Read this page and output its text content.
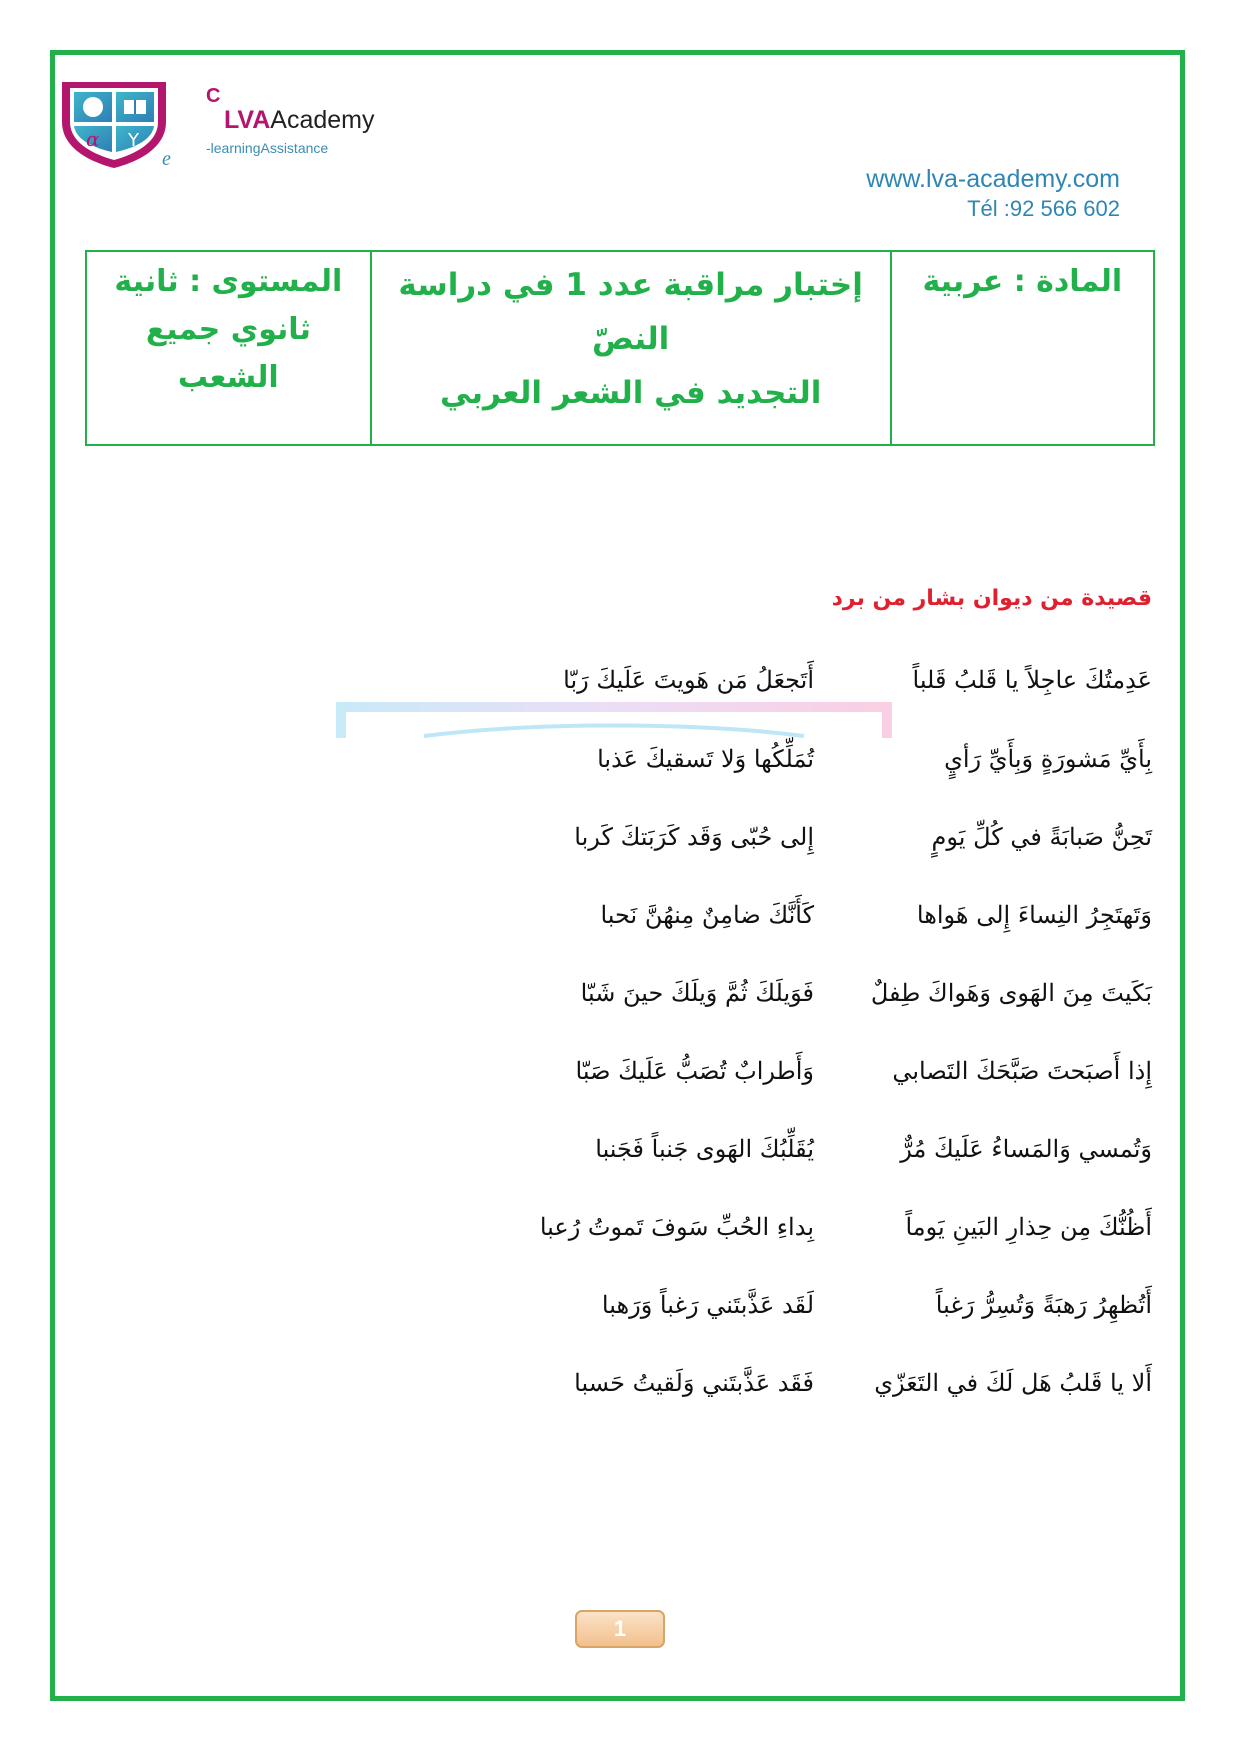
α Y
C
LVAAcademy
-learningAssistance
e
www.lva-academy.com
Tél :92 566 602
المادة : عربية	
إختبار مراقبة عدد 1 في دراسة النصّ
التجديد في الشعر العربي
	المستوى : ثانية ثانوي جميع الشعب
قصيدة من ديوان بشار من برد
عَدِمتُكَ عاجِلاً يا قَلبُ قَلباً
أَتَجعَلُ مَن هَويتَ عَلَيكَ رَبّا
بِأَيِّ مَشورَةٍ وَبِأَيِّ رَأيٍ
تُمَلِّكُها وَلا تَسقيكَ عَذبا
تَحِنُّ صَبابَةً في كُلِّ يَومٍ
إِلى حُبّى وَقَد كَرَبَتكَ كَربا
وَتَهتَجِرُ النِساءَ إِلى هَواها
كَأَنَّكَ ضامِنٌ مِنهُنَّ نَحبا
بَكَيتَ مِنَ الهَوى وَهَواكَ طِفلٌ
فَوَيلَكَ ثُمَّ وَيلَكَ حينَ شَبّا
إِذا أَصبَحتَ صَبَّحَكَ التَصابي
وَأَطرابٌ تُصَبُّ عَلَيكَ صَبّا
وَتُمسي وَالمَساءُ عَلَيكَ مُرٌّ
يُقَلِّبُكَ الهَوى جَنباً فَجَنبا
أَظُنُّكَ مِن حِذارِ البَينِ يَوماً
بِداءِ الحُبِّ سَوفَ تَموتُ رُعبا
أَتُظهِرُ رَهبَةً وَتُسِرُّ رَغباً
لَقَد عَذَّبتَني رَغباً وَرَهبا
أَلا يا قَلبُ هَل لَكَ في التَعَزّي
فَقَد عَذَّبتَني وَلَقيتُ حَسبا
1
